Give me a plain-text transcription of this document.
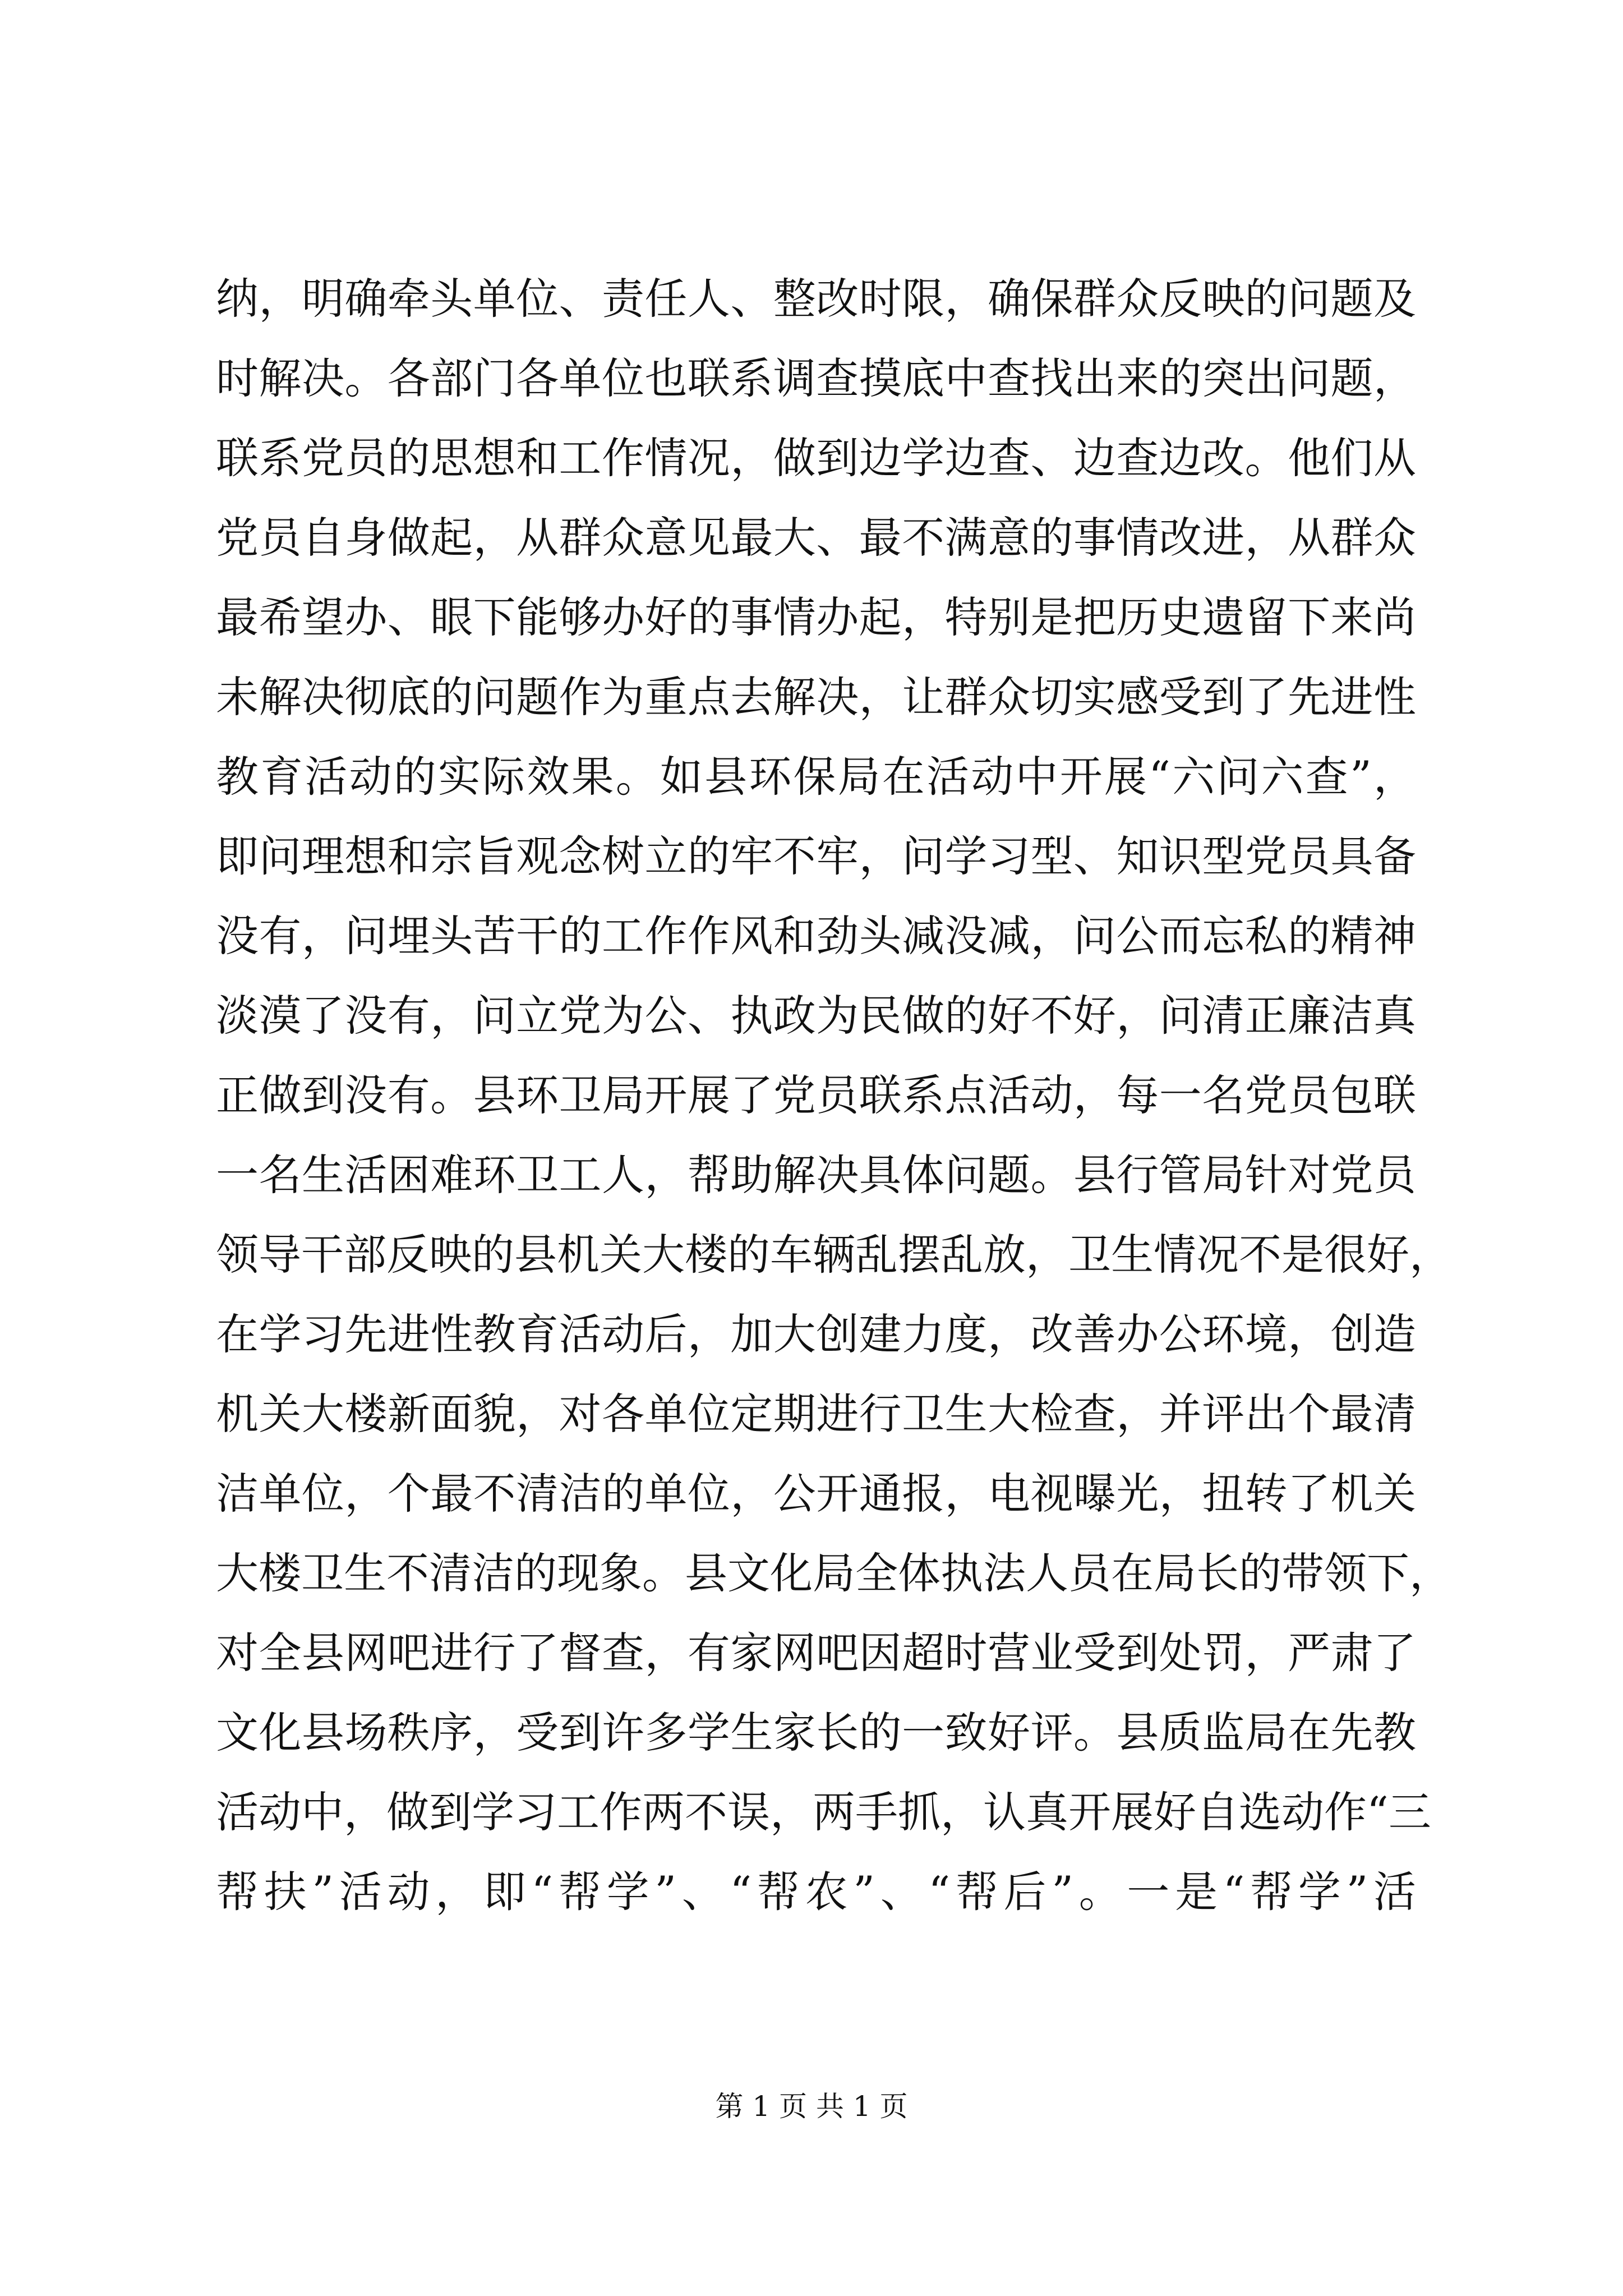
纳，明确牵头单位、责任人、整改时限，确保群众反映的问题及
时解决。各部门各单位也联系调查摸底中查找出来的突出问题，
联系党员的思想和工作情况，做到边学边查、边查边改。他们从
党员自身做起，从群众意见最大、最不满意的事情改进，从群众
最希望办、眼下能够办好的事情办起，特别是把历史遗留下来尚
未解决彻底的问题作为重点去解决，让群众切实感受到了先进性
教育活动的实际效果。如县环保局在活动中开展“六问六查”，
即问理想和宗旨观念树立的牢不牢，问学习型、知识型党员具备
没有，问埋头苦干的工作作风和劲头减没减，问公而忘私的精神
淡漠了没有，问立党为公、执政为民做的好不好，问清正廉洁真
正做到没有。县环卫局开展了党员联系点活动，每一名党员包联
一名生活困难环卫工人，帮助解决具体问题。县行管局针对党员
领导干部反映的县机关大楼的车辆乱摆乱放，卫生情况不是很好，
在学习先进性教育活动后，加大创建力度，改善办公环境，创造
机关大楼新面貌，对各单位定期进行卫生大检查，并评出个最清
洁单位，个最不清洁的单位，公开通报，电视曝光，扭转了机关
大楼卫生不清洁的现象。县文化局全体执法人员在局长的带领下，
对全县网吧进行了督查，有家网吧因超时营业受到处罚，严肃了
文化县场秩序，受到许多学生家长的一致好评。县质监局在先教
活动中，做到学习工作两不误，两手抓，认真开展好自选动作“三
帮扶”活动，即“帮学”、“帮农”、“帮后”。一是“帮学”活
第 1 页 共 1 页
